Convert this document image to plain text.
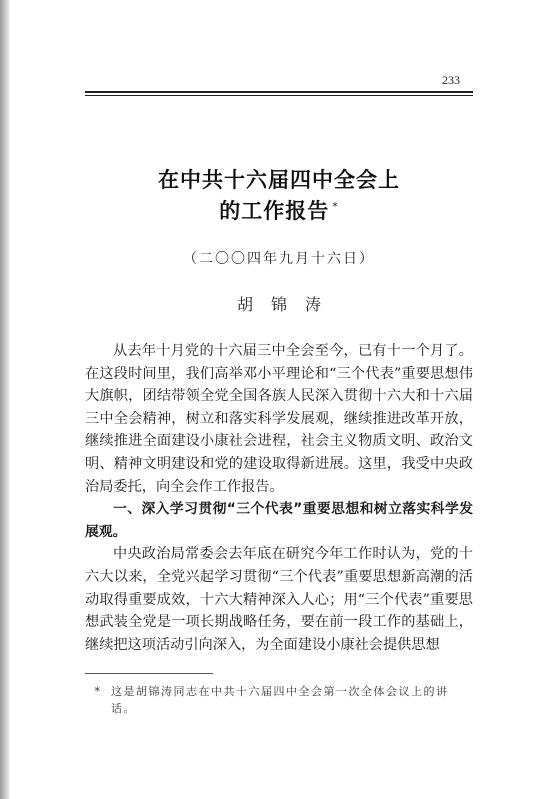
233
在中共十六届四中全会上
的工作报告 *
（二〇〇四年九月十六日）
胡锦涛

从去年十月党的十六届三中全会至今，已有十一个月了。在这段时间里，我们高举邓小平理论和“三个代表”重要思想伟大旗帜，团结带领全党全国各族人民深入贯彻十六大和十六届三中全会精神，树立和落实科学发展观，继续推进改革开放，继续推进全面建设小康社会进程，社会主义物质文明、政治文明、精神文明建设和党的建设取得新进展。这里，我受中央政治局委托，向全会作工作报告。

一、深入学习贯彻“三个代表”重要思想和树立落实科学发展观。

中央政治局常委会去年底在研究今年工作时认为，党的十六大以来，全党兴起学习贯彻“三个代表”重要思想新高潮的活动取得重要成效，十六大精神深入人心；用“三个代表”重要思想武装全党是一项长期战略任务，要在前一段工作的基础上，继续把这项活动引向深入，为全面建设小康社会提供思想

* 这是胡锦涛同志在中共十六届四中全会第一次全体会议上的讲
话。
